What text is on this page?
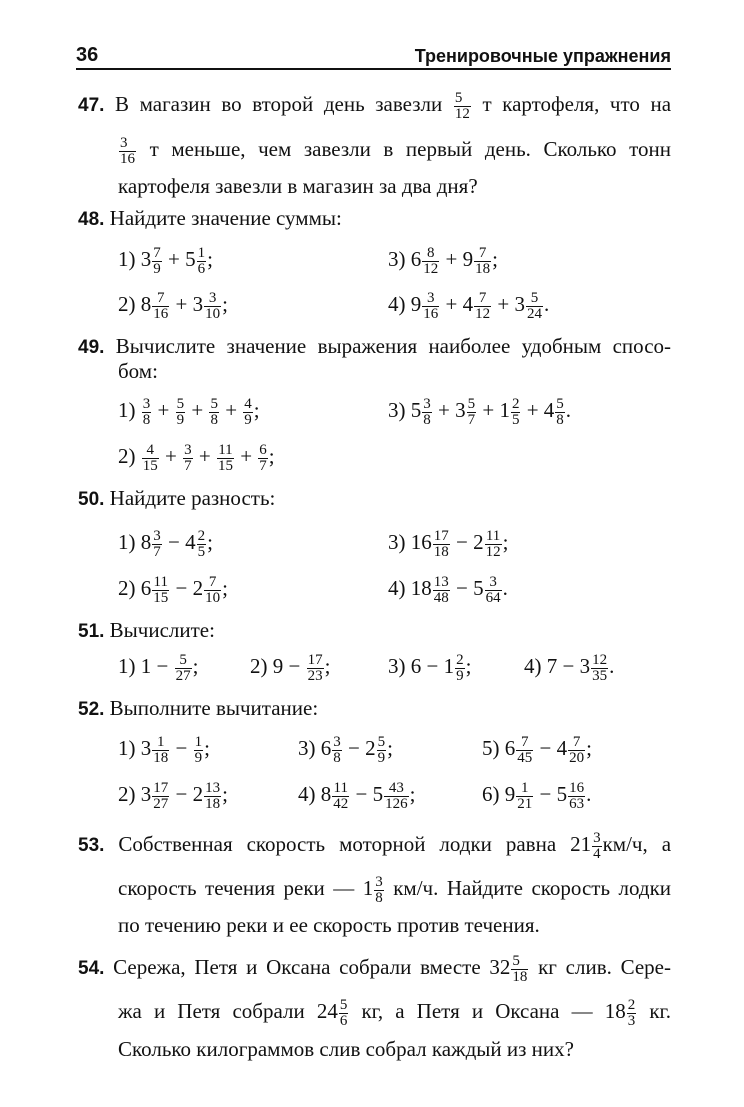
36	Тренировочные упражнения
47. В магазин во второй день завезли $\frac{5}{12}$ т картофеля, что на
$\frac{3}{16}$ т меньше, чем завезли в первый день. Сколько тонн
картофеля завезли в магазин за два дня?
48. Найдите значение суммы:
1) $3 \frac{7}{9} + 5 \frac{1}{6}$ ;	3) $6 \frac{8}{12} + 9 \frac{7}{18}$ ;
2) $8 \frac{7}{16} + 3 \frac{3}{10}$ ;	4) $9 \frac{3}{16} + 4 \frac{7}{12} + 3 \frac{5}{24}$ .
49. Вычислите значение выражения наиболее удобным спосо-
бом:
$1) \frac{3}{8} + \frac{5}{9} + \frac{5}{8} + \frac{4}{9}$ ;	3) $5 \frac{3}{8} + 3 \frac{5}{7} + 1 \frac{2}{5} + 4 \frac{5}{8}$ .
$2) \frac{4}{15} + \frac{3}{7} + \frac{11}{15} + \frac{6}{7}$ ;
50. Найдите разность:
1) $8 \frac{3}{7} - 4 \frac{2}{5}$ ;	3) $16 \frac{17}{18} - 2 \frac{11}{12}$ ;
2) $6 \frac{11}{15} - 2 \frac{7}{10}$ ;	4) $18 \frac{13}{48} - 5 \frac{3}{64}$ .
51. Вычислите:
1) $1 - \frac{5}{27}$ ; 2) $9 - \frac{17}{23}$ ;	3) $6 - 1 \frac{2}{9}$ ;	4) $7 - 3 \frac{12}{35}$ .
52. Выполните вычитание:
1) $3 \frac{1}{18} - \frac{1}{9}$ ;	3) $6 \frac{3}{8} - 2 \frac{5}{9}$ ;	5) $6 \frac{7}{45} - 4 \frac{7}{20}$ ;
2) $3 \frac{17}{27} - 2 \frac{13}{18}$ ;	4) $8 \frac{11}{42} - 5 \frac{43}{126}$ ;	6) $9 \frac{1}{21} - 5 \frac{16}{63}$ .
53. Собственная скорость моторной лодки равна $21 \frac{3}{4} км/ч$, а
скорость течения реки — $1 \frac{3}{8} км/ч$. Найдите скорость лодки
по течению реки и ее скорость против течения.
54. Сережа, Петя и Оксана собрали вместе $32 \frac{5}{18}$ кг слив. Сере-
жа и Петя собрали $24 \frac{5}{6}$ кг, а Петя и Оксана — $18 \frac{2}{3}$ кг.
Сколько килограммов слив собрал каждый из них?
